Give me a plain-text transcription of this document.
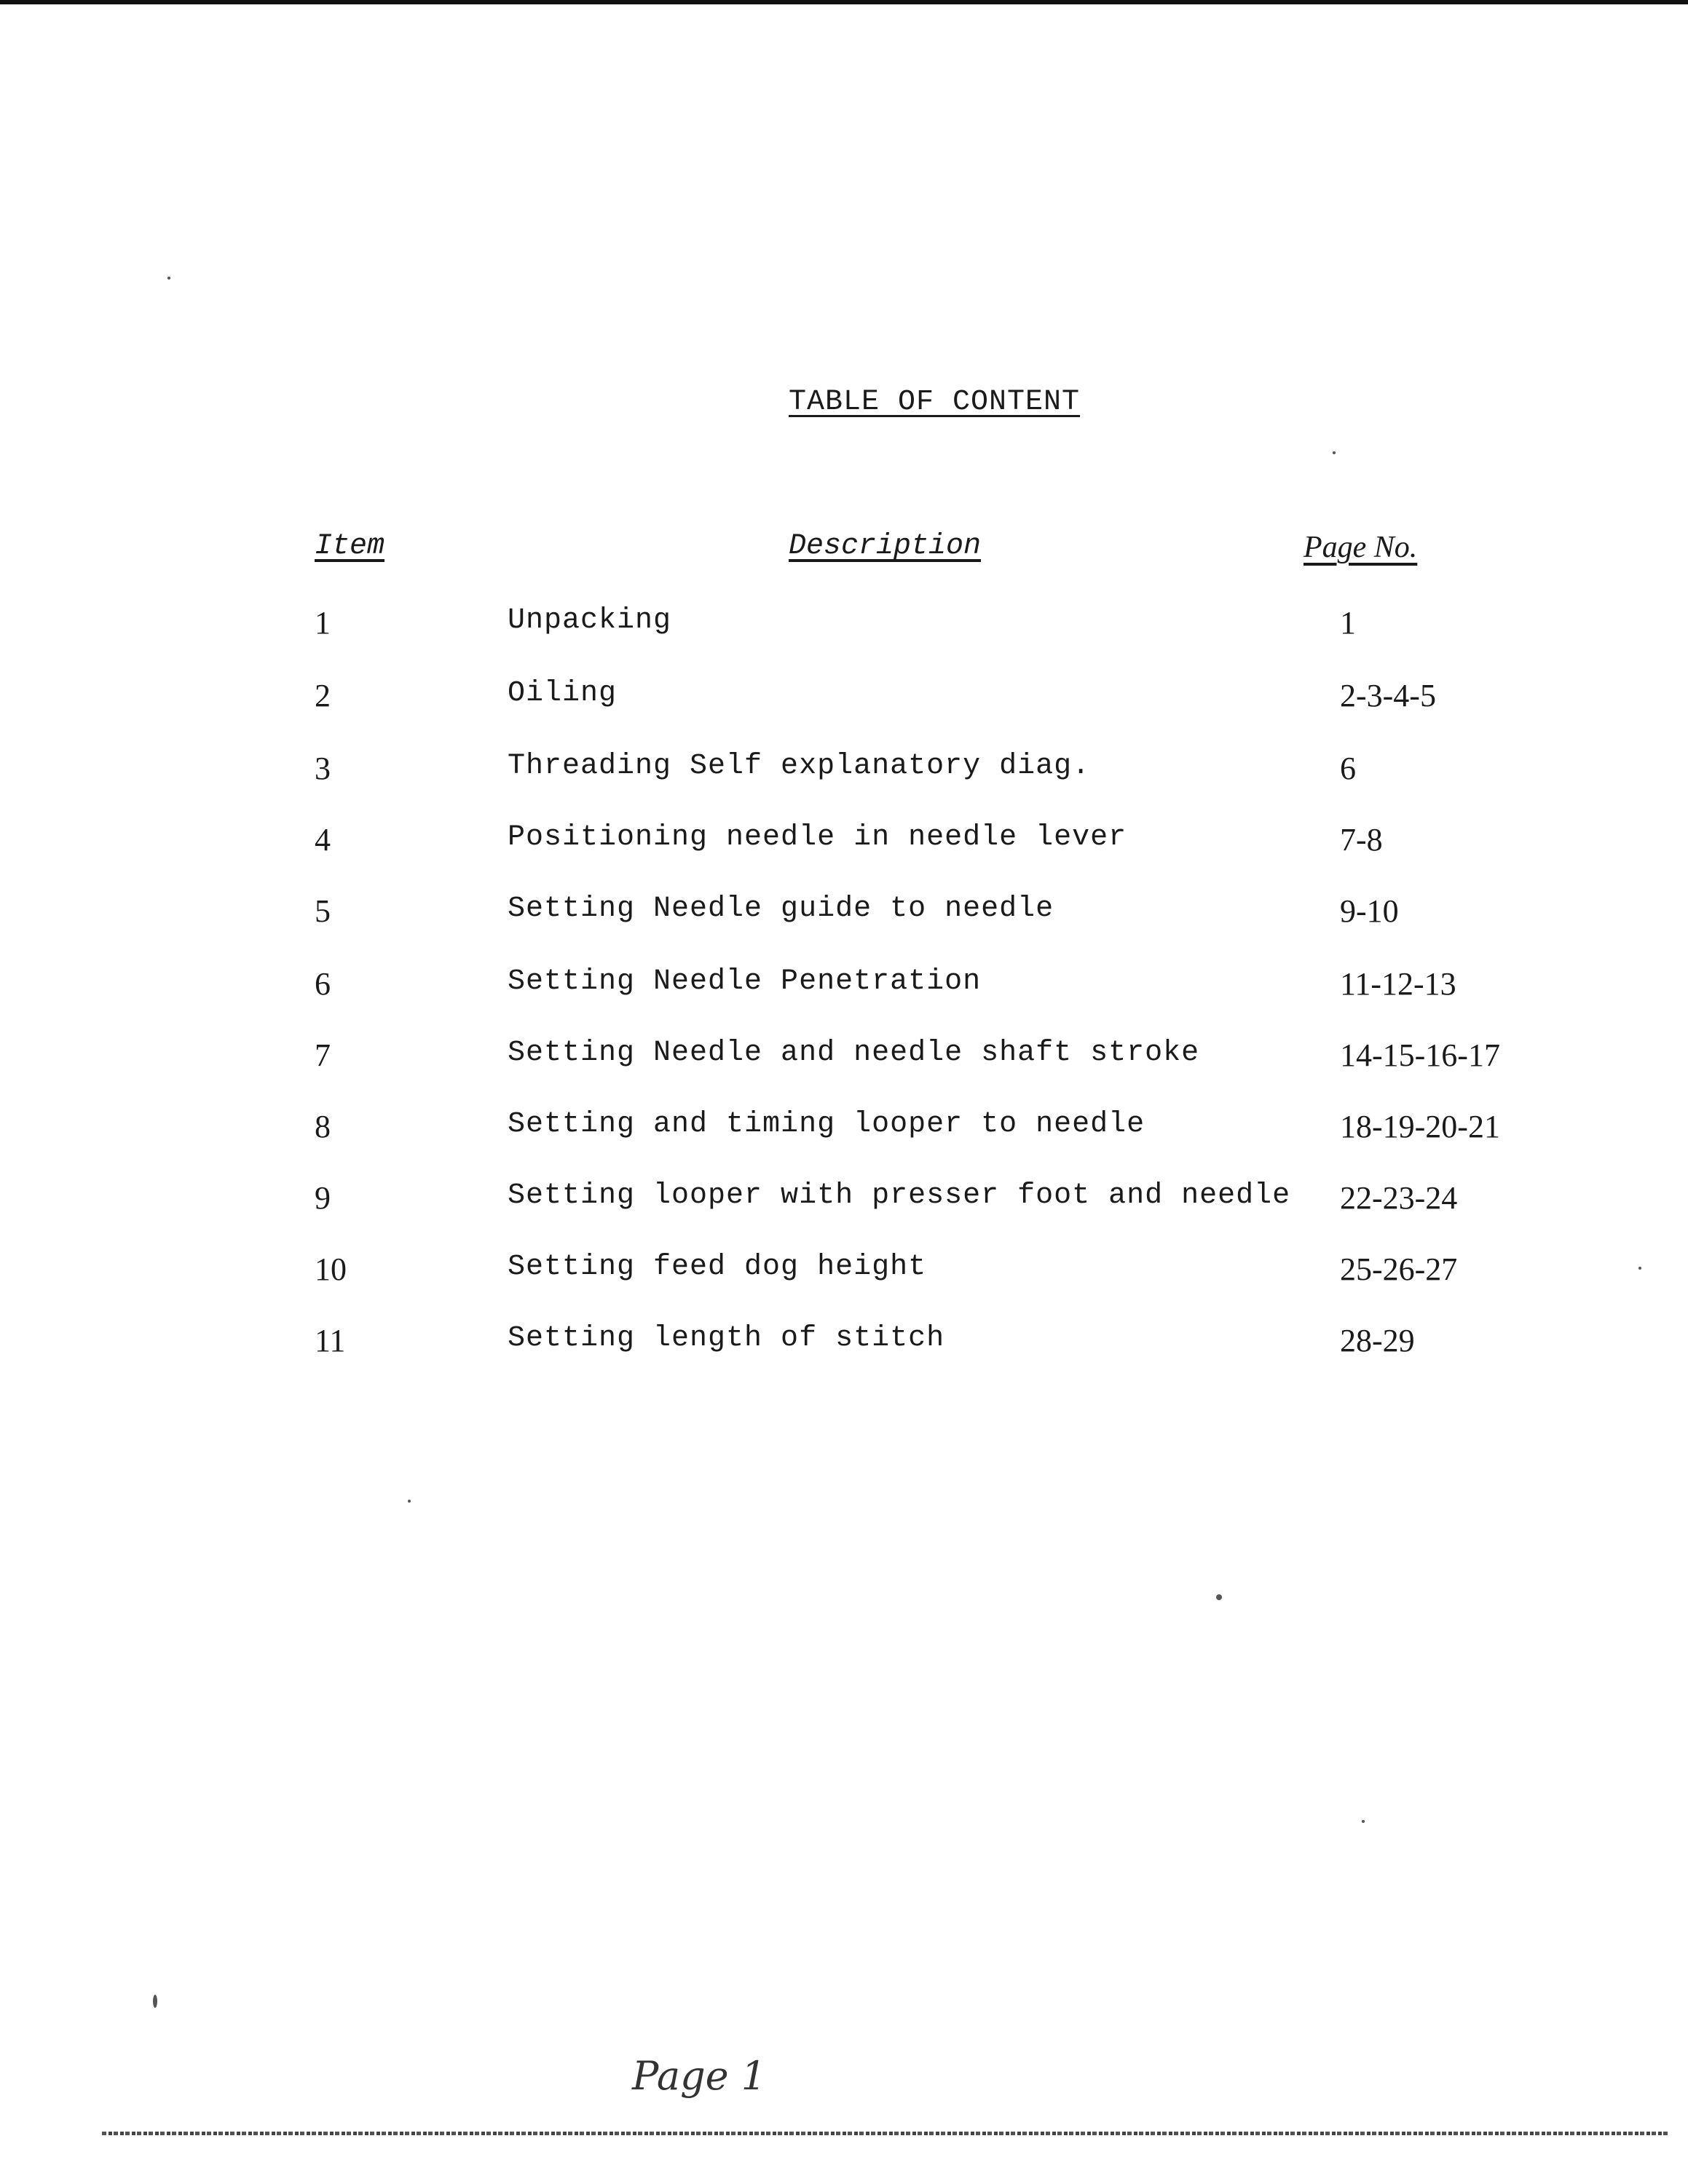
TABLE OF CONTENT
Item	Description	Page No.
1	Unpacking	1
2	Oiling	2-3-4-5
3	Threading Self explanatory diag.	6
4	Positioning needle in needle lever	7-8
5	Setting Needle guide to needle	9-10
6	Setting Needle Penetration	11-12-13
7	Setting Needle and needle shaft stroke	14-15-16-17
8	Setting and timing looper to needle	18-19-20-21
9	Setting looper with presser foot and needle 22-23-24
10	Setting feed dog height	25-26-27
11	Setting length of stitch	28-29
Page 1
